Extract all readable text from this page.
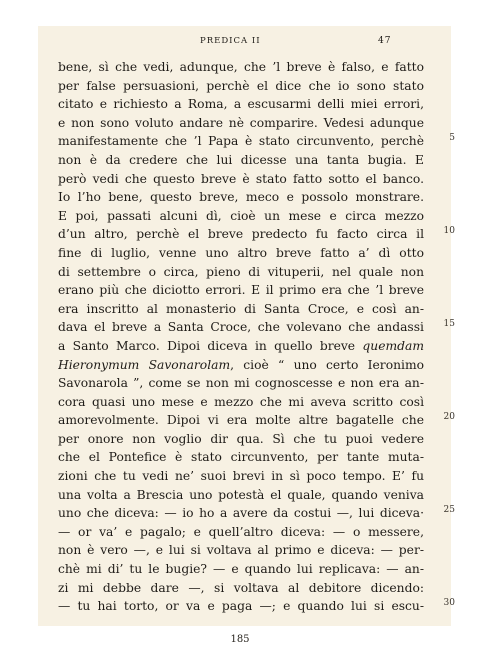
PREDICA II	47
bene, sì che vedi, adunque, che ’l breve è falso, e fatto
per false persuasioni, perchè el dice che io sono stato
citato e richiesto a Roma, a escusarmi delli miei errori,
e non sono voluto andare nè comparire. Vedesi adunque
manifestamente che ’l Papa è stato circunvento, perchè
non è da credere che lui dicesse una tanta bugia. E
però vedi che questo breve è stato fatto sotto el banco.
Io l’ho bene, questo breve, meco e possolo monstrare.
E poi, passati alcuni dì, cioè un mese e circa mezzo
d’un altro, perchè el breve predecto fu facto circa il
fine di luglio, venne uno altro breve fatto a’ dì otto
di settembre o circa, pieno di vituperii, nel quale non
erano più che diciotto errori. E il primo era che ’l breve
era inscritto al monasterio di Santa Croce, e così an-
dava el breve a Santa Croce, che volevano che andassi
a Santo Marco. Dipoi diceva in quello breve quemdam
Hieronymum Savonarolam, cioè “ uno certo Ieronimo
Savonarola ”, come se non mi cognoscesse e non era an-
cora quasi uno mese e mezzo che mi aveva scritto così
amorevolmente. Dipoi vi era molte altre bagatelle che
per onore non voglio dir qua. Sì che tu puoi vedere
che el Pontefice è stato circunvento, per tante muta-
zioni che tu vedi ne’ suoi brevi in sì poco tempo. E’ fu
una volta a Brescia uno potestà el quale, quando veniva
uno che diceva: — io ho a avere da costui —, lui diceva·
— or va’ e pagalo; e quell’altro diceva: — o messere,
non è vero —, e lui si voltava al primo e diceva: — per-
chè mi di’ tu le bugie? — e quando lui replicava: — an-
zi mi debbe dare —, si voltava al debitore dicendo:
— tu hai torto, or va e paga —; e quando lui si escu-
5
10
15
20
25
30
185
